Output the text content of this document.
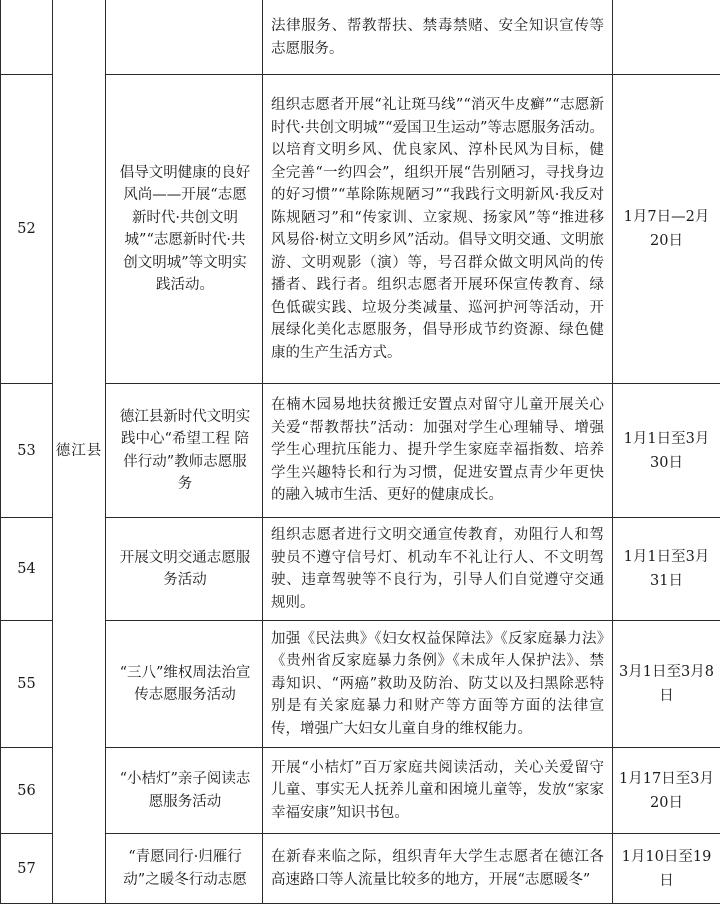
	德江县		法律服务、帮教帮扶、禁毒禁赌、安全知识宣传等志愿服务。	
52		倡导文明健康的良好风尚——开展“志愿新时代·共创文明城”“志愿新时代·共创文明城”等文明实践活动。	组织志愿者开展“礼让斑马线”“消灭牛皮癣”“志愿新时代·共创文明城”“爱国卫生运动”等志愿服务活动。以培育文明乡风、优良家风、淳朴民风为目标，健全完善“一约四会”，组织开展“告别陋习，寻找身边的好习惯”“革除陈规陋习”“我践行文明新风·我反对陈规陋习”和“传家训、立家规、扬家风”等“推进移风易俗·树立文明乡风”活动。倡导文明交通、文明旅游、文明观影（演）等，号召群众做文明风尚的传播者、践行者。组织志愿者开展环保宣传教育、绿色低碳实践、垃圾分类减量、巡河护河等活动，开展绿化美化志愿服务，倡导形成节约资源、绿色健康的生产生活方式。	1月7日—2月20日
53		德江县新时代文明实践中心“希望工程 陪伴行动”教师志愿服务	在楠木园易地扶贫搬迁安置点对留守儿童开展关心关爱“帮教帮扶”活动：加强对学生心理辅导、增强学生心理抗压能力、提升学生家庭幸福指数、培养学生兴趣特长和行为习惯，促进安置点青少年更快的融入城市生活、更好的健康成长。	1月1日至3月30日
54		开展文明交通志愿服务活动	组织志愿者进行文明交通宣传教育，劝阻行人和驾驶员不遵守信号灯、机动车不礼让行人、不文明驾驶、违章驾驶等不良行为，引导人们自觉遵守交通规则。	1月1日至3月31日
55		“三八”维权周法治宣传志愿服务活动	加强《民法典》《妇女权益保障法》《反家庭暴力法》《贵州省反家庭暴力条例》《未成年人保护法》、禁毒知识、“两癌”救助及防治、防艾以及扫黑除恶特别是有关家庭暴力和财产等方面等方面的法律宣传，增强广大妇女儿童自身的维权能力。	3月1日至3月8日
56		“小桔灯”亲子阅读志愿服务活动	开展“小桔灯”百万家庭共阅读活动，关心关爱留守儿童、事实无人抚养儿童和困境儿童等，发放“家家幸福安康”知识书包。	1月17日至3月20日
57		“青愿同行·归雁行动”之暖冬行动志愿	在新春来临之际，组织青年大学生志愿者在德江各高速路口等人流量比较多的地方，开展“志愿暖冬”	1月10日至19日
